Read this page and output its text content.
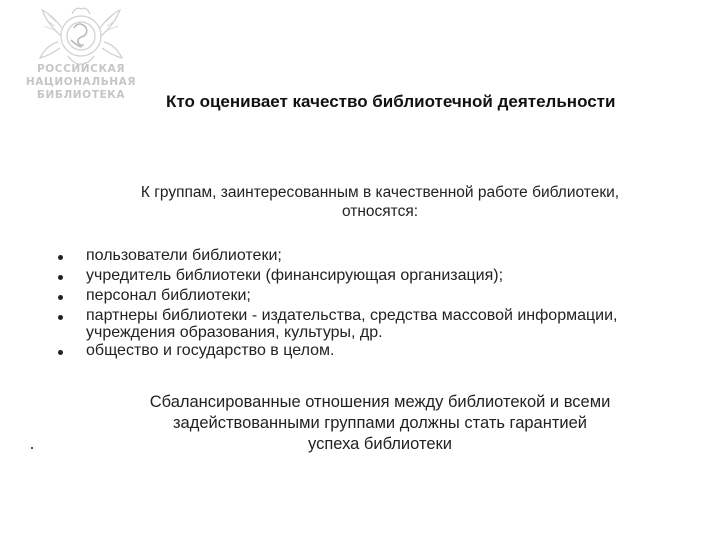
РОССИЙСКАЯ
НАЦИОНАЛЬНАЯ
БИБЛИОТЕКА	Кто оценивает качество библиотечной деятельности
К группам, заинтересованным в качественной работе библиотеки,
относятся:
пользователи библиотеки;
учредитель библиотеки (финансирующая организация);
персонал библиотеки;
партнеры библиотеки - издательства, средства массовой информации,
учреждения образования, культуры, др.
общество и государство в целом.
Сбалансированные отношения между библиотекой и всеми
задействованными группами должны стать гарантией
успеха библиотеки
